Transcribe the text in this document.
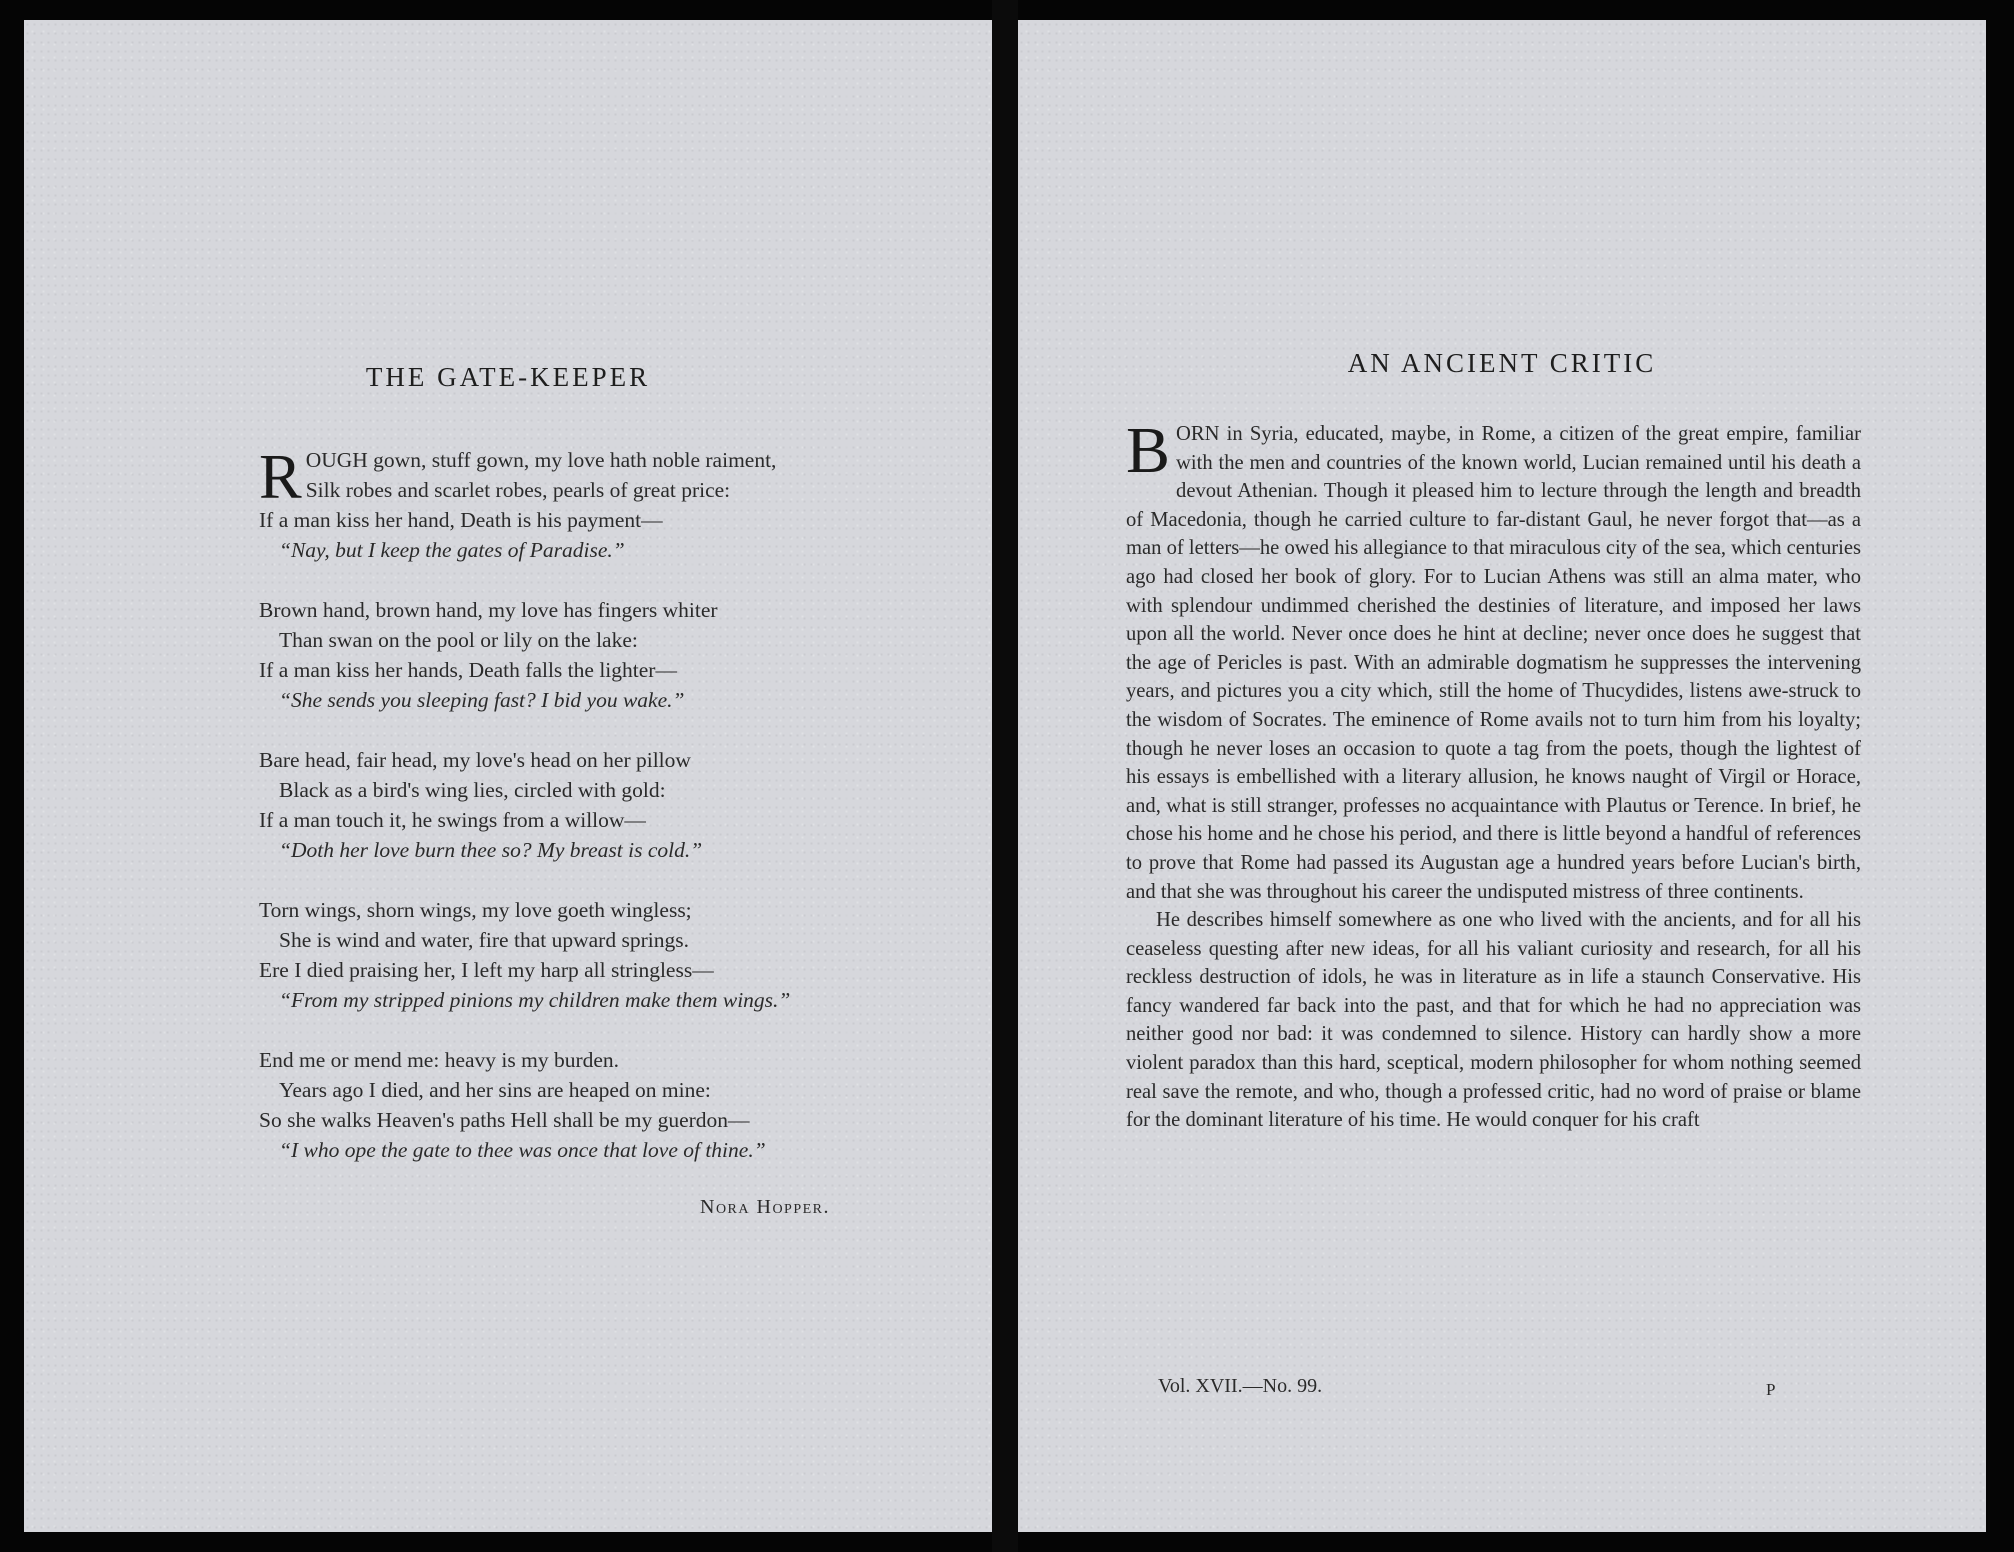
THE GATE-KEEPER
R OUGH gown, stuff gown, my love hath noble raiment,
Silk robes and scarlet robes, pearls of great price:
If a man kiss her hand, Death is his payment—
“Nay, but I keep the gates of Paradise.”
Brown hand, brown hand, my love has fingers whiter
Than swan on the pool or lily on the lake:
If a man kiss her hands, Death falls the lighter—
“She sends you sleeping fast? I bid you wake.”
Bare head, fair head, my love's head on her pillow
Black as a bird's wing lies, circled with gold:
If a man touch it, he swings from a willow—
“Doth her love burn thee so? My breast is cold.”
Torn wings, shorn wings, my love goeth wingless;
She is wind and water, fire that upward springs.
Ere I died praising her, I left my harp all stringless—
“From my stripped pinions my children make them wings.”
End me or mend me: heavy is my burden.
Years ago I died, and her sins are heaped on mine:
So she walks Heaven's paths Hell shall be my guerdon—
“I who ope the gate to thee was once that love of thine.”
Nora Hopper.
AN ANCIENT CRITIC

BORN in Syria, educated, maybe, in Rome, a citizen of the great empire, familiar with the men and countries of the known world, Lucian remained until his death a devout Athenian. Though it pleased him to lecture through the length and breadth of Macedonia, though he carried culture to far-distant Gaul, he never forgot that—as a man of letters—he owed his allegiance to that miraculous city of the sea, which centuries ago had closed her book of glory. For to Lucian Athens was still an alma mater, who with splendour undimmed cherished the destinies of literature, and imposed her laws upon all the world. Never once does he hint at decline; never once does he suggest that the age of Pericles is past. With an admirable dogmatism he suppresses the intervening years, and pictures you a city which, still the home of Thucydides, listens awe-struck to the wisdom of Socrates. The eminence of Rome avails not to turn him from his loyalty; though he never loses an occasion to quote a tag from the poets, though the lightest of his essays is embellished with a literary allusion, he knows naught of Virgil or Horace, and, what is still stranger, professes no acquaintance with Plautus or Terence. In brief, he chose his home and he chose his period, and there is little beyond a handful of references to prove that Rome had passed its Augustan age a hundred years before Lucian's birth, and that she was throughout his career the undisputed mistress of three continents.

He describes himself somewhere as one who lived with the ancients, and for all his ceaseless questing after new ideas, for all his valiant curiosity and research, for all his reckless destruction of idols, he was in literature as in life a staunch Conservative. His fancy wandered far back into the past, and that for which he had no appreciation was neither good nor bad: it was condemned to silence. History can hardly show a more violent paradox than this hard, sceptical, modern philosopher for whom nothing seemed real save the remote, and who, though a professed critic, had no word of praise or blame for the dominant literature of his time. He would conquer for his craft

Vol. XVII.—No. 99.	P
